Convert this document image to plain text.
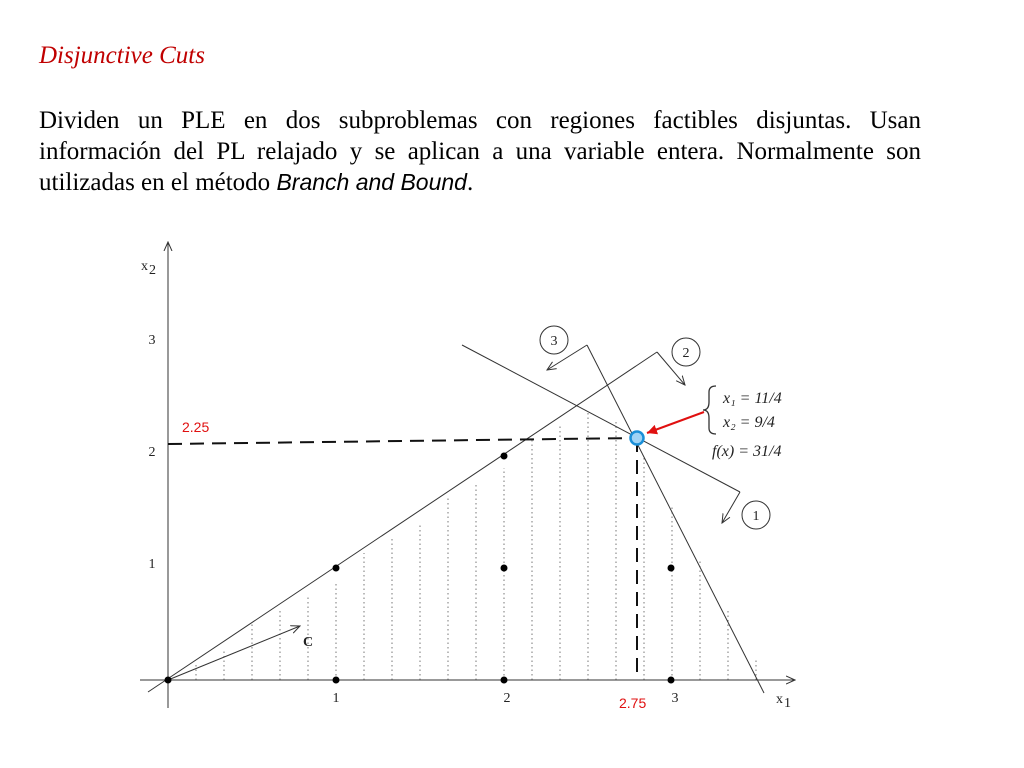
Disjunctive Cuts

Dividen un PLE en dos subproblemas con regiones factibles disjuntas. Usan información del PL relajado y se aplican a una variable entera. Normalmente son utilizadas en el método Branch and Bound.

x 1
x 2
1	2	3
1
2
3	3
2
1
C
2.25
2.75
x₁ = 11/4
x₂ = 9/4
f(x) = 31/4
